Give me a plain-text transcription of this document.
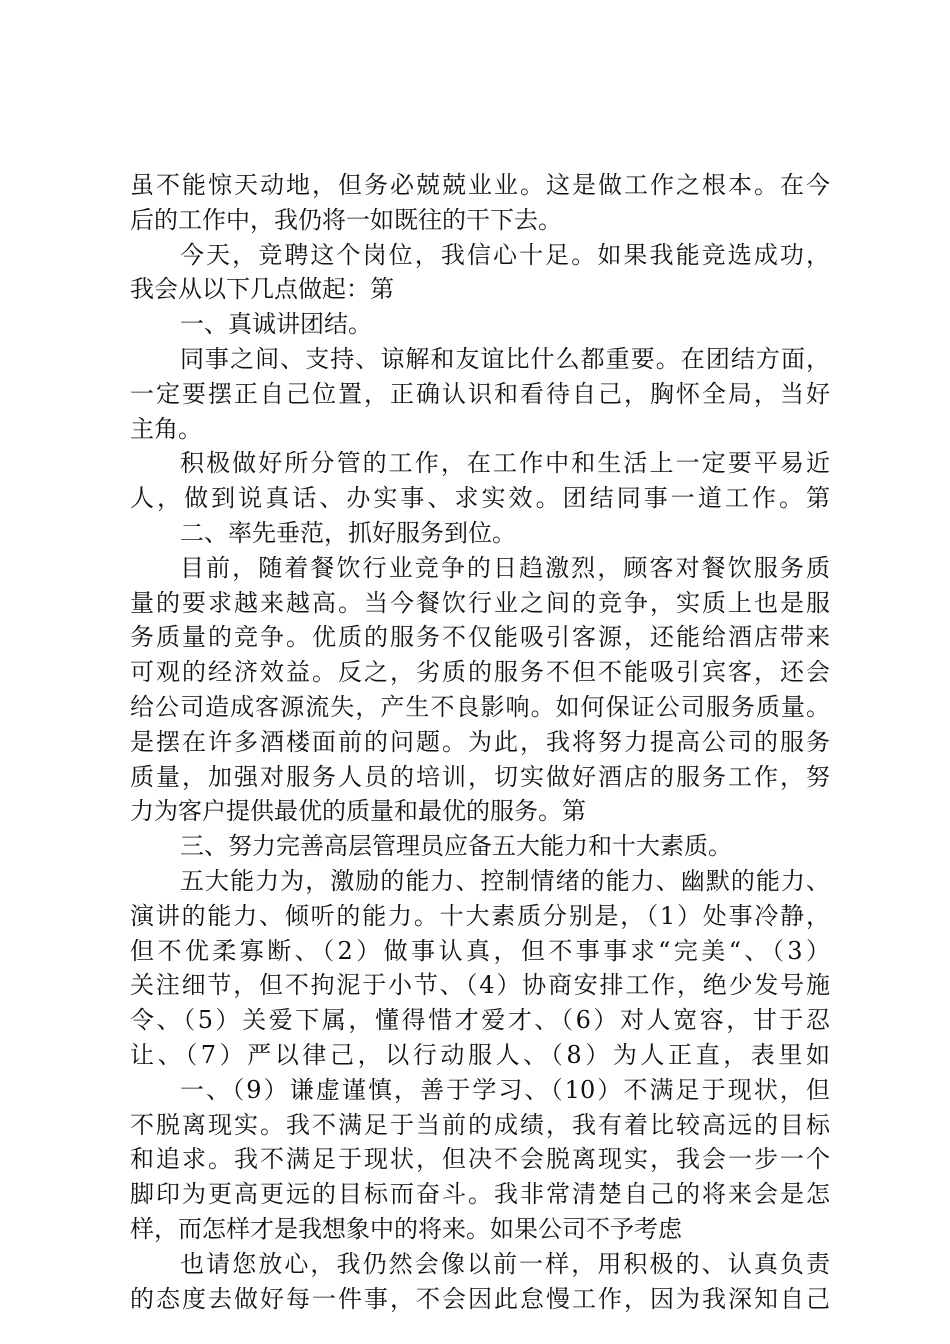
虽不能惊天动地，但务必兢兢业业。这是做工作之根本。在今
后的工作中，我仍将一如既往的干下去。
今天，竞聘这个岗位，我信心十足。如果我能竞选成功，
我会从以下几点做起：第
一、真诚讲团结。
同事之间、支持、谅解和友谊比什么都重要。在团结方面，
一定要摆正自己位置，正确认识和看待自己，胸怀全局，当好
主角。
积极做好所分管的工作，在工作中和生活上一定要平易近
人，做到说真话、办实事、求实效。团结同事一道工作。第
二、率先垂范，抓好服务到位。
目前，随着餐饮行业竞争的日趋激烈，顾客对餐饮服务质
量的要求越来越高。当今餐饮行业之间的竞争，实质上也是服
务质量的竞争。优质的服务不仅能吸引客源，还能给酒店带来
可观的经济效益。反之，劣质的服务不但不能吸引宾客，还会
给公司造成客源流失，产生不良影响。如何保证公司服务质量。
是摆在许多酒楼面前的问题。为此，我将努力提高公司的服务
质量，加强对服务人员的培训，切实做好酒店的服务工作，努
力为客户提供最优的质量和最优的服务。第
三、努力完善高层管理员应备五大能力和十大素质。
五大能力为，激励的能力、控制情绪的能力、幽默的能力、
演讲的能力、倾听的能力。十大素质分别是，（1）处事冷静，
但不优柔寡断、（2）做事认真，但不事事求“完美“、（3）
关注细节，但不拘泥于小节、（4）协商安排工作，绝少发号施
令、（5）关爱下属，懂得惜才爱才、（6）对人宽容，甘于忍
让、（7）严以律己，以行动服人、（8）为人正直，表里如
一、（9）谦虚谨慎，善于学习、（10）不满足于现状，但
不脱离现实。我不满足于当前的成绩，我有着比较高远的目标
和追求。我不满足于现状，但决不会脱离现实，我会一步一个
脚印为更高更远的目标而奋斗。我非常清楚自己的将来会是怎
样，而怎样才是我想象中的将来。如果公司不予考虑
也请您放心，我仍然会像以前一样，用积极的、认真负责
的态度去做好每一件事，不会因此怠慢工作，因为我深知自己
